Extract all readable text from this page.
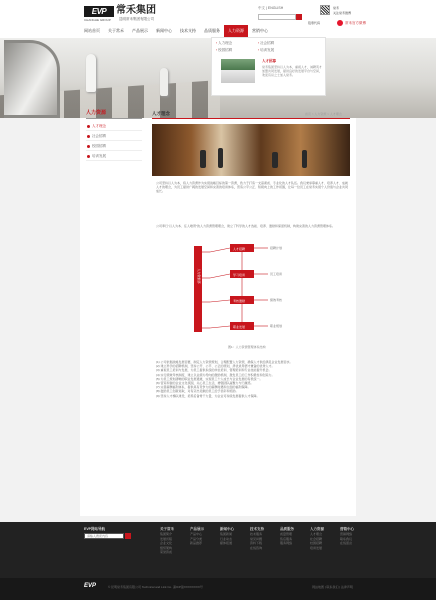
EVP 常禾集团
CHANGHE GROUP 昆明常禾集团有限公司
中文 | ENGLISH
股票代码
常禾
关注常禾微博
常禾官方微博
网站首页	关于常禾	产品展示	新闻中心	技术支持	品质服务	人力资源	营销中心
› 人力理念	› 社会招聘
› 校园招聘	› 培训发展
人才招募
常禾集团坚持以人为本，重视人才，诚聘英才加盟共同发展，提供良好的发展平台与空间，欢迎有识之士加入常禾。
人力资源
人才理念
社会招聘
校园招聘
培训发展
人才理念	首页 > 人力资源 > 人才理念
公司坚持以人为本，将人力资源作为实现战略目标的第一资源，致力于打造一支高素质、专业化的人才队伍。我们秉承尊重人才、培养人才、成就人才的理念，为员工提供广阔的发展空间和完善的培训体系，营造公平公正、积极向上的工作氛围，让每一位员工在常禾实现个人价值与企业共同成长。
公司奉行“以人为本、任人唯贤”的人力资源管理理念，建立了科学的人才选拔、培养、激励和保留机制，构建完善的人力资源管理体系。
人力资源部
人才招聘
学习培训
考核激励
职业发展
招聘计划
员工培训
绩效考核
职业规划
图1：人力资源管理体系结构

(1) 公司依据战略发展需要，制定人力资源规划，合理配置人力资源，确保人才供给满足企业发展需求。

(2) 建立科学的招聘机制，坚持公开、公平、公正的原则，择优录用德才兼备的优秀人才。

(3) 重视员工培训与发展，为员工提供系统的岗位培训、管理培训和专业技能提升机会。

(4) 实行绩效考核制度，建立以业绩为导向的激励机制，激发员工的工作积极性和创造力。

(5) 为员工规划清晰的职业发展通道，实现员工个人成长与企业发展的有机统一。

(6) 营造和谐的企业文化氛围，关心员工生活，增强团队凝聚力与归属感。

(7) 完善薪酬福利体系，提供具有竞争力的薪酬待遇和全面的福利保障。

(8) 鼓励员工创新进取，对有突出贡献的员工给予表彰和奖励。

(9) 坚持人才梯队建设，培养后备骨干力量，为企业可持续发展提供人才保障。

EVP网站导航
请输入搜索内容
关于常禾
集团简介
发展历程
企业文化
组织架构
荣誉资质
产品展示
产品中心
产品分类
新品推荐
新闻中心
集团新闻
行业动态
媒体报道
技术支持
技术服务
常见问题
资料下载
在线咨询
品质服务
质量管理
售后服务
服务网络
人力资源
人才理念
社会招聘
校园招聘
培训发展
营销中心
营销网络
联系我们
在线留言
EVP	© 昆明常禾集团有限公司 Technical and Link Co. 滇ICP备XXXXXXXX号	网站地图 | 联系我们 | 法律声明
